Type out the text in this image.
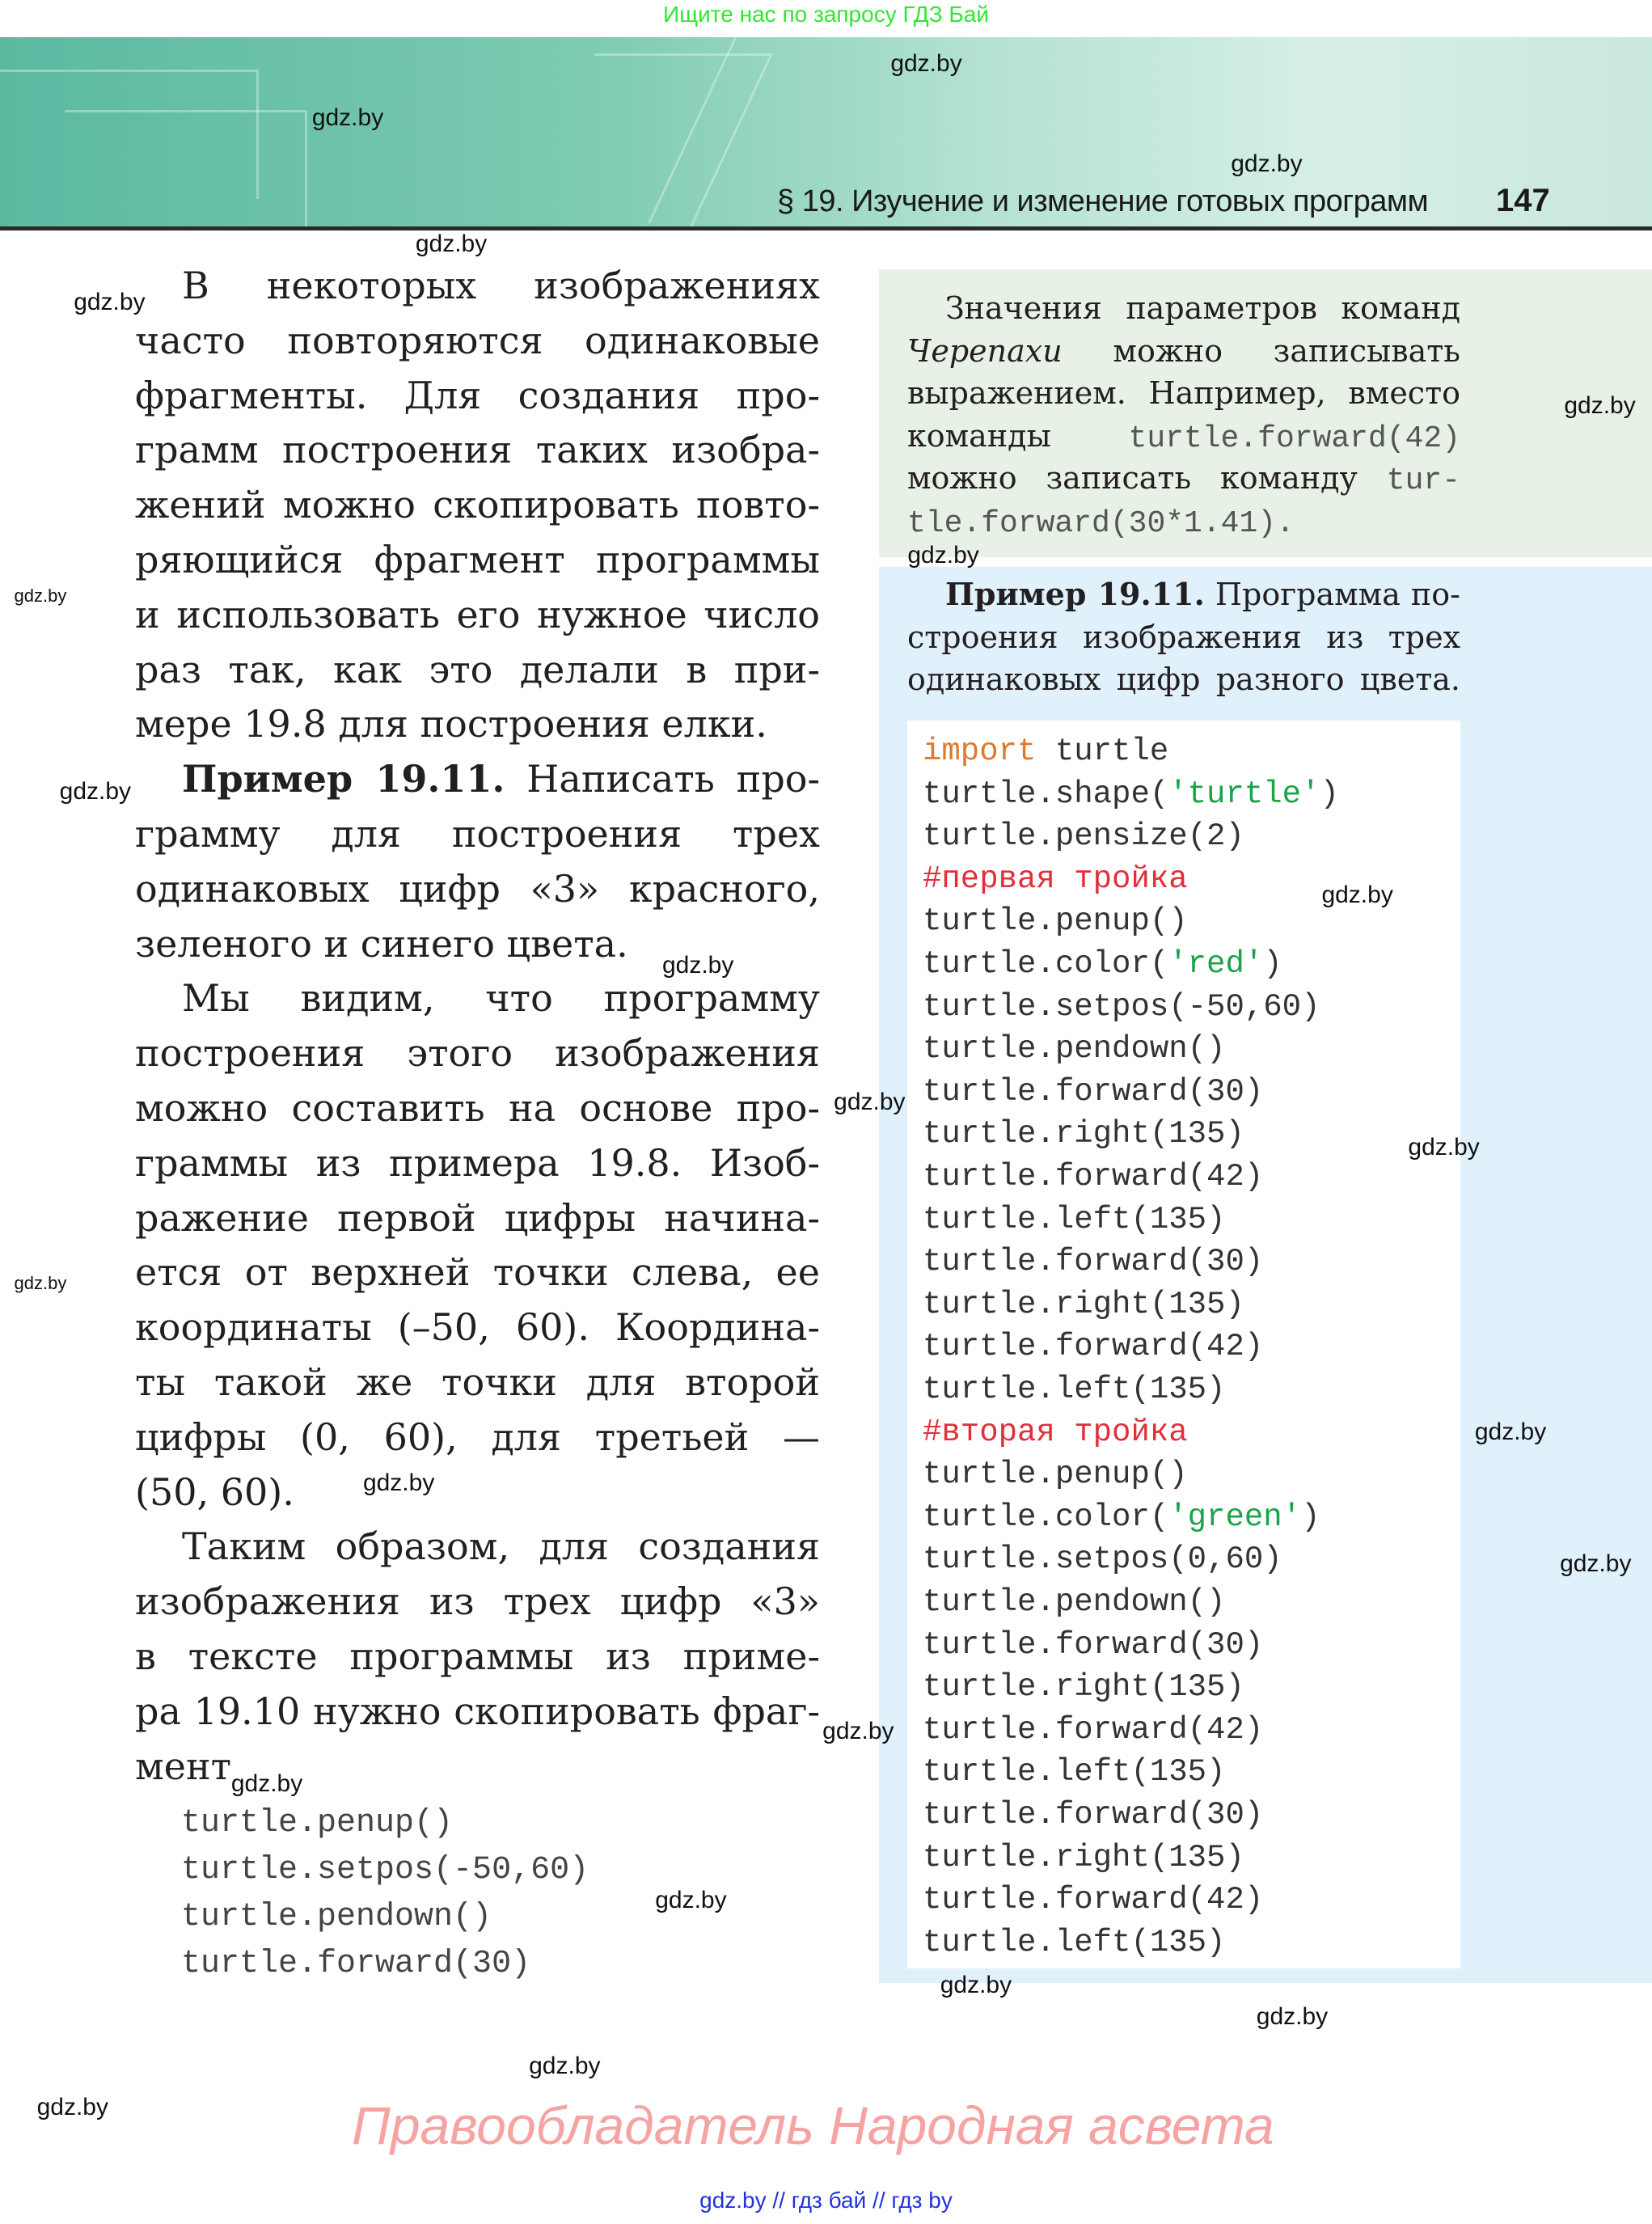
Ищите нас по запросу ГДЗ Бай
§ 19. Изучение и изменение готовых программ 147
В некоторых изображениях
часто повторяются одинаковые
фрагменты. Для создания про-
грамм построения таких изобра-
жений можно скопировать повто-
ряющийся фрагмент программы
и использовать его нужное число
раз так, как это делали в при-
мере 19.8 для построения елки.
Пример 19.11. Написать про-
грамму для построения трех
одинаковых цифр «3» красного,
зеленого и синего цвета.
Мы видим, что программу
построения этого изображения
можно составить на основе про-
граммы из примера 19.8. Изоб-
ражение первой цифры начина-
ется от верхней точки слева, ее
координаты (–50, 60). Координа-
ты такой же точки для второй
цифры (0, 60), для третьей —
(50, 60).
Таким образом, для создания
изображения из трех цифр «3»
в тексте программы из приме-
ра 19.10 нужно скопировать фраг-
мент
turtle.penup()
turtle.setpos(-50,60)
turtle.pendown()
turtle.forward(30)
Значения параметров команд
Черепахи можно записывать
выражением. Например, вместо
команды turtle.forward(42)
можно записать команду tur-
tle.forward(30*1.41).
Пример 19.11. Программа по-
строения изображения из трех
одинаковых цифр разного цвета.
import turtle
turtle.shape('turtle')
turtle.pensize(2)
#первая тройка
turtle.penup()
turtle.color('red')
turtle.setpos(-50,60)
turtle.pendown()
turtle.forward(30)
turtle.right(135)
turtle.forward(42)
turtle.left(135)
turtle.forward(30)
turtle.right(135)
turtle.forward(42)
turtle.left(135)
#вторая тройка
turtle.penup()
turtle.color('green')
turtle.setpos(0,60)
turtle.pendown()
turtle.forward(30)
turtle.right(135)
turtle.forward(42)
turtle.left(135)
turtle.forward(30)
turtle.right(135)
turtle.forward(42)
turtle.left(135)
gdz.by
gdz.by
gdz.by
gdz.by
gdz.by
gdz.by
gdz.by
gdz.by
gdz.by
gdz.by
gdz.by
gdz.by
gdz.by
gdz.by
gdz.by
gdz.by
gdz.by
gdz.by
gdz.by
gdz.by
gdz.by
gdz.by
gdz.by
gdz.by	Правообладатель Народная асвета
gdz.by // гдз бай // гдз by
